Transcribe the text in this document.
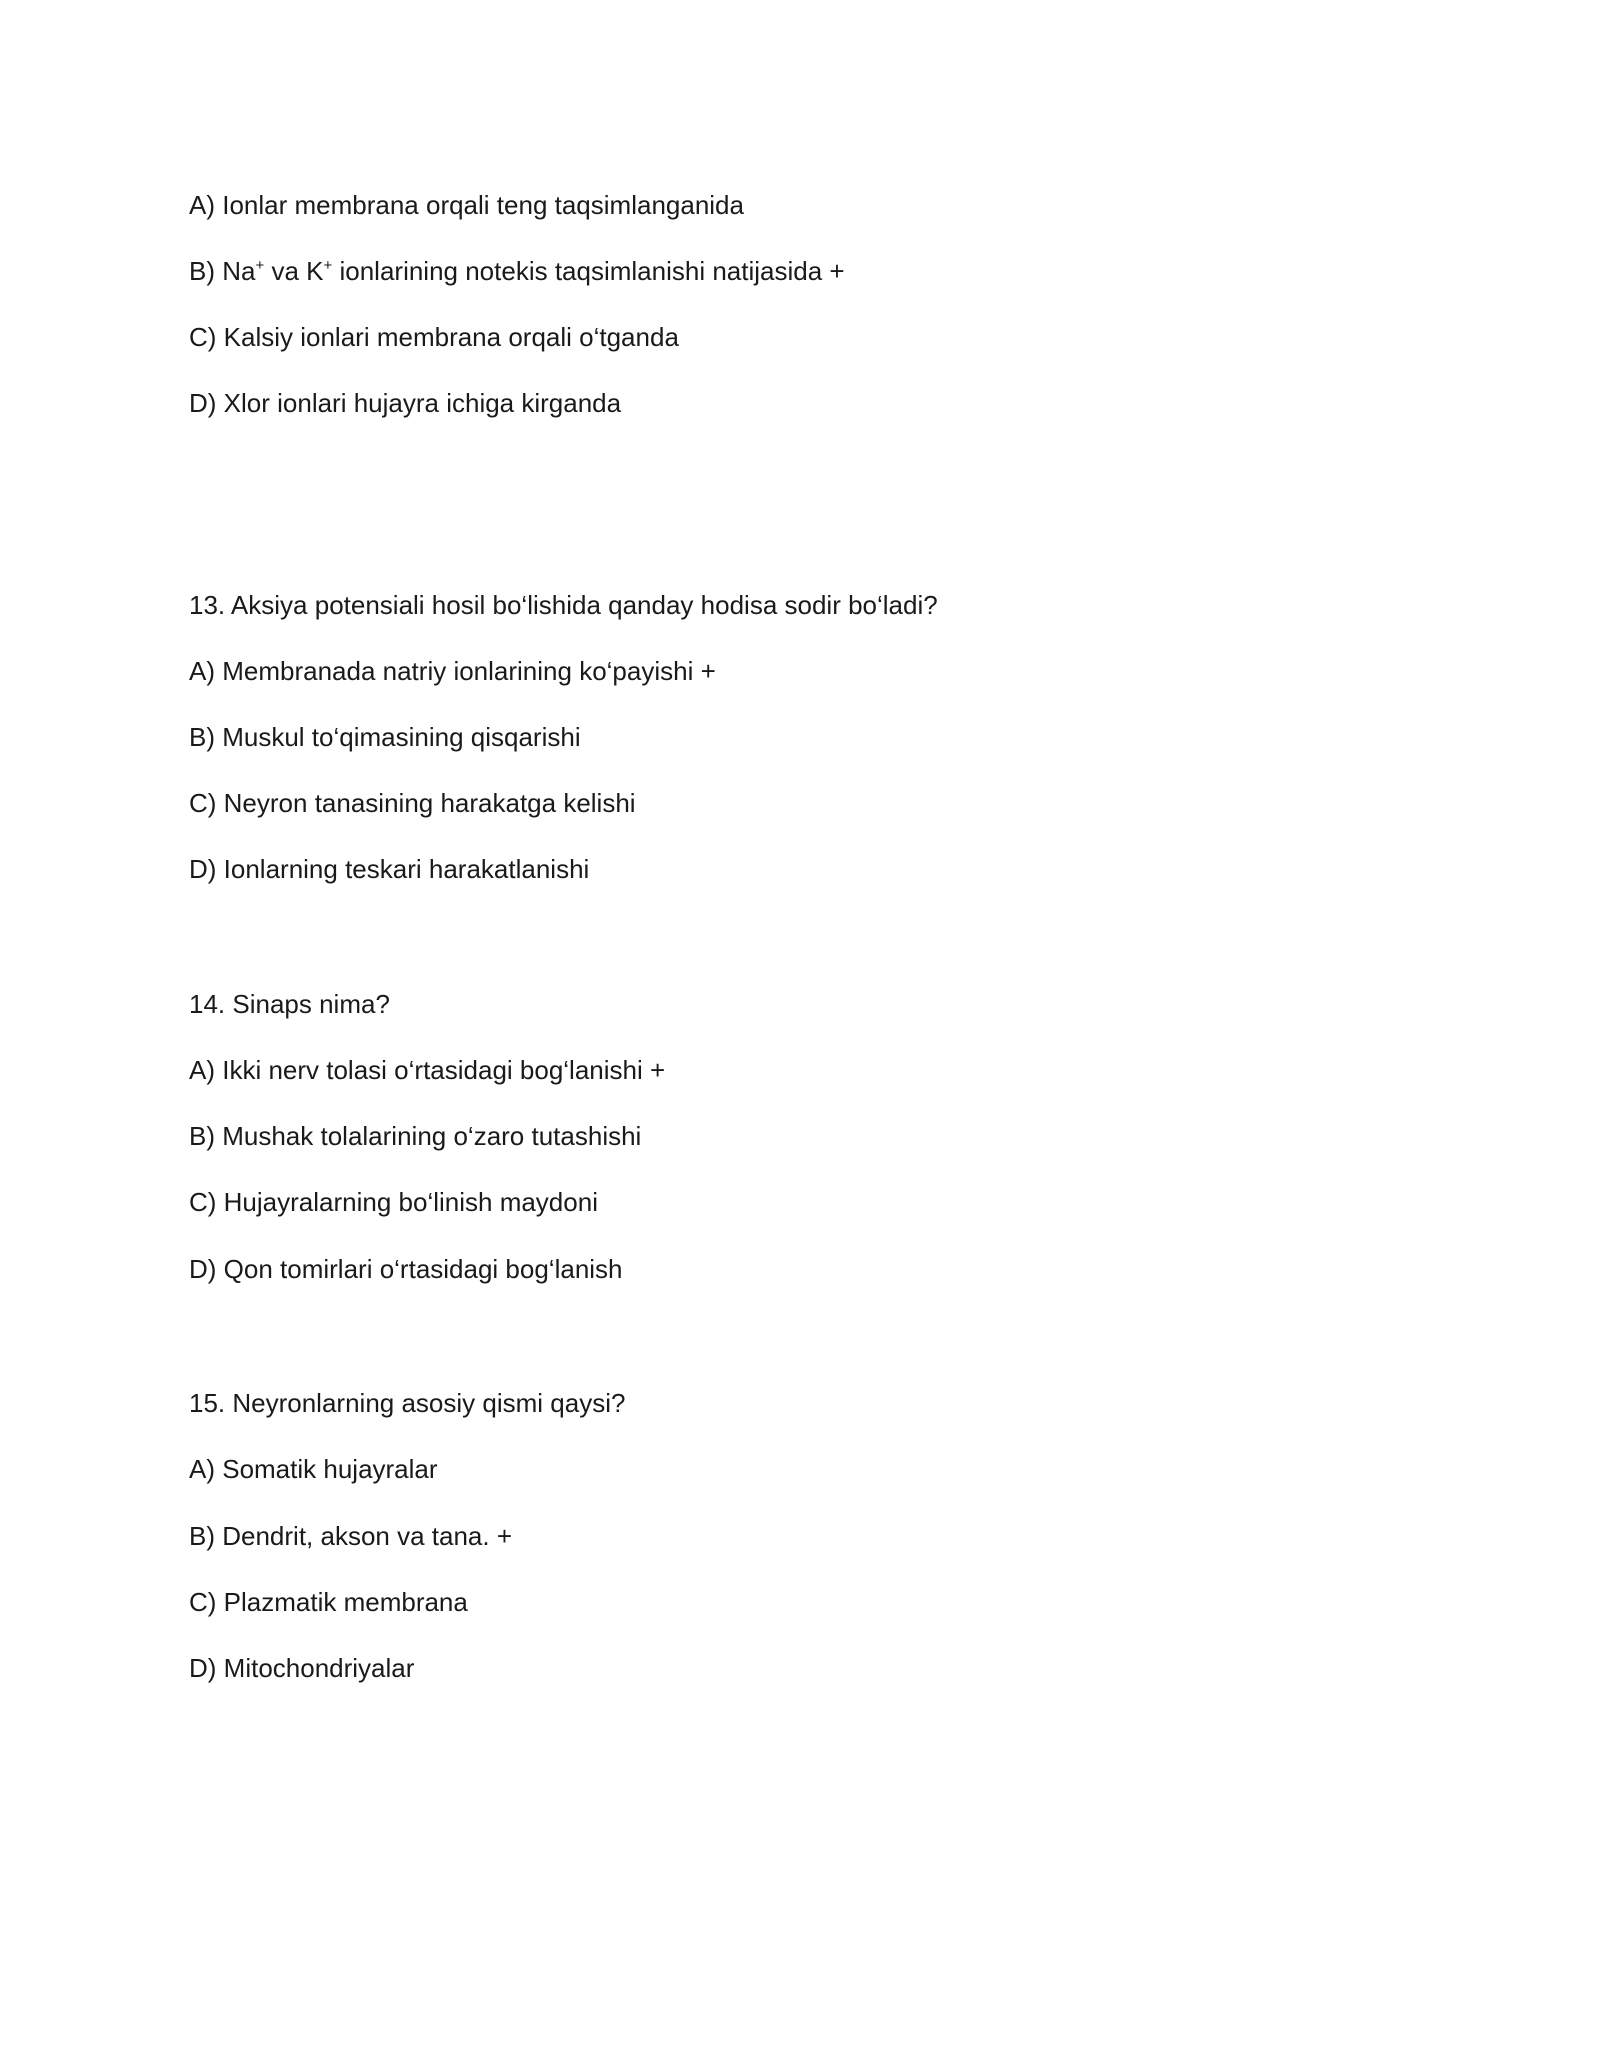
A) Ionlar membrana orqali teng taqsimlanganida
B) Na+ va K+ ionlarining notekis taqsimlanishi natijasida +
C) Kalsiy ionlari membrana orqali o‘tganda
D) Xlor ionlari hujayra ichiga kirganda
13. Aksiya potensiali hosil bo‘lishida qanday hodisa sodir bo‘ladi?
A) Membranada natriy ionlarining ko‘payishi +
B) Muskul to‘qimasining qisqarishi
C) Neyron tanasining harakatga kelishi
D) Ionlarning teskari harakatlanishi
14. Sinaps nima?
A) Ikki nerv tolasi o‘rtasidagi bog‘lanishi +
B) Mushak tolalarining o‘zaro tutashishi
C) Hujayralarning bo‘linish maydoni
D) Qon tomirlari o‘rtasidagi bog‘lanish
15. Neyronlarning asosiy qismi qaysi?
A) Somatik hujayralar
B) Dendrit, akson va tana. +
C) Plazmatik membrana
D) Mitochondriyalar
